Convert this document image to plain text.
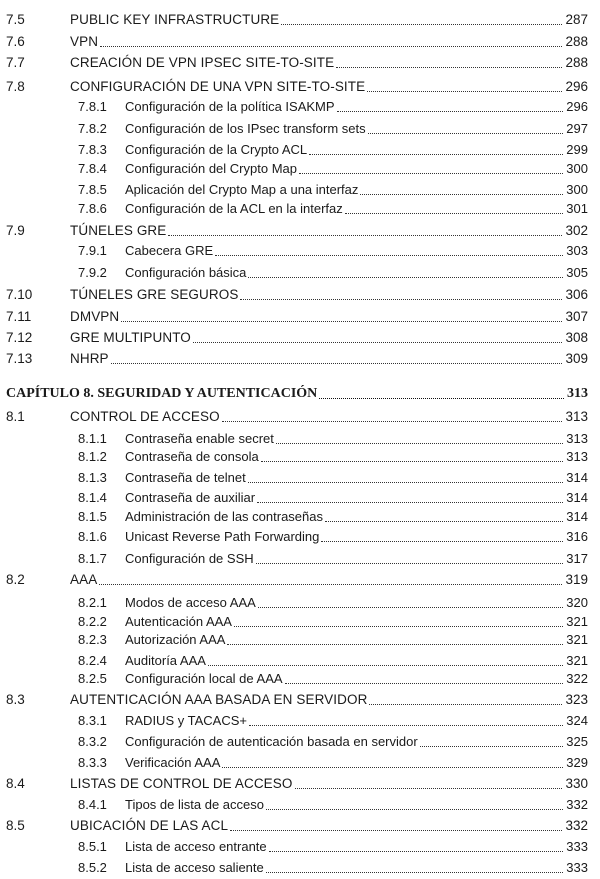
7.5	PUBLIC KEY INFRASTRUCTURE	287
7.6	VPN	288
7.7	CREACIÓN DE VPN IPSEC SITE-TO-SITE	288
7.8	CONFIGURACIÓN DE UNA VPN SITE-TO-SITE	296
7.8.1 Configuración de la política ISAKMP	296
7.8.2 Configuración de los IPsec transform sets	297
7.8.3 Configuración de la Crypto ACL	299
7.8.4 Configuración del Crypto Map	300
7.8.5 Aplicación del Crypto Map a una interfaz	300
7.8.6 Configuración de la ACL en la interfaz	301
7.9	TÚNELES GRE	302
7.9.1 Cabecera GRE	303
7.9.2 Configuración básica	305
7.10	TÚNELES GRE SEGUROS	306
7.11	DMVPN	307
7.12	GRE MULTIPUNTO	308
7.13	NHRP	309
CAPÍTULO 8. SEGURIDAD Y AUTENTICACIÓN	313
8.1	CONTROL DE ACCESO	313
8.1.1 Contraseña enable secret	313
8.1.2 Contraseña de consola	313
8.1.3 Contraseña de telnet	314
8.1.4 Contraseña de auxiliar	314
8.1.5 Administración de las contraseñas	314
8.1.6 Unicast Reverse Path Forwarding	316
8.1.7 Configuración de SSH	317
8.2	AAA	319
8.2.1 Modos de acceso AAA	320
8.2.2 Autenticación AAA	321
8.2.3 Autorización AAA	321
8.2.4 Auditoría AAA	321
8.2.5 Configuración local de AAA	322
8.3	AUTENTICACIÓN AAA BASADA EN SERVIDOR	323
8.3.1 RADIUS y TACACS+	324
8.3.2 Configuración de autenticación basada en servidor	325
8.3.3 Verificación AAA	329
8.4	LISTAS DE CONTROL DE ACCESO	330
8.4.1 Tipos de lista de acceso	332
8.5	UBICACIÓN DE LAS ACL	332
8.5.1 Lista de acceso entrante	333
8.5.2 Lista de acceso saliente	333
